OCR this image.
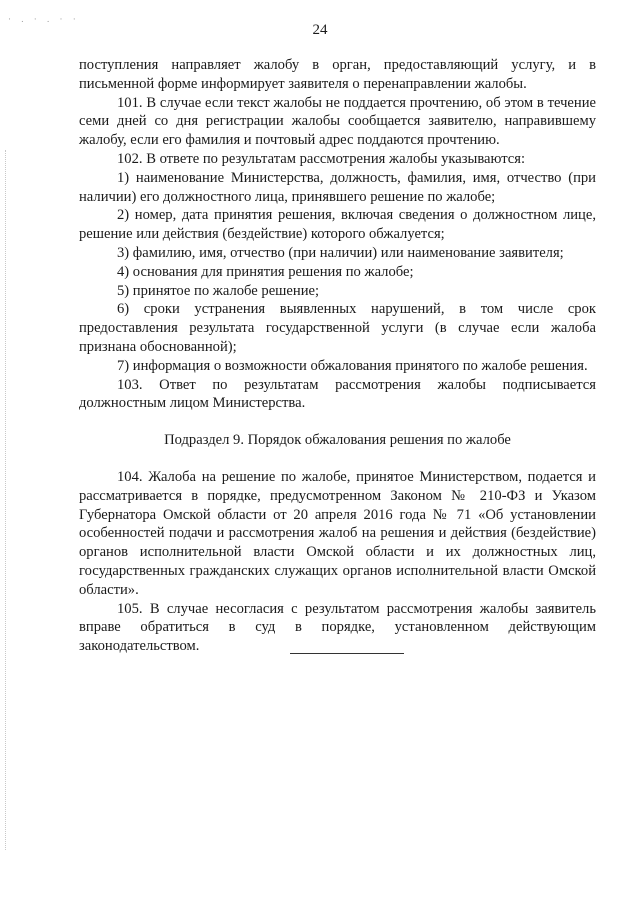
· . · . · ·
24

поступления направляет жалобу в орган, предоставляющий услугу, и в письменной форме информирует заявителя о перенаправлении жалобы.

101. В случае если текст жалобы не поддается прочтению, об этом в течение семи дней со дня регистрации жалобы сообщается заявителю, направившему жалобу, если его фамилия и почтовый адрес поддаются прочтению.

102. В ответе по результатам рассмотрения жалобы указываются:

1) наименование Министерства, должность, фамилия, имя, отчество (при наличии) его должностного лица, принявшего решение по жалобе;

2) номер, дата принятия решения, включая сведения о должностном лице, решение или действия (бездействие) которого обжалуется;

3) фамилию, имя, отчество (при наличии) или наименование заявителя;

4) основания для принятия решения по жалобе;

5) принятое по жалобе решение;

6) сроки устранения выявленных нарушений, в том числе срок предоставления результата государственной услуги (в случае если жалоба признана обоснованной);

7) информация о возможности обжалования принятого по жалобе решения.

103. Ответ по результатам рассмотрения жалобы подписывается должностным лицом Министерства.

Подраздел 9. Порядок обжалования решения по жалобе

104. Жалоба на решение по жалобе, принятое Министерством, подается и рассматривается в порядке, предусмотренном Законом № 210-ФЗ и Указом Губернатора Омской области от 20 апреля 2016 года № 71 «Об установлении особенностей подачи и рассмотрения жалоб на решения и действия (бездействие) органов исполнительной власти Омской области и их должностных лиц, государственных гражданских служащих органов исполнительной власти Омской области».

105. В случае несогласия с результатом рассмотрения жалобы заявитель вправе обратиться в суд в порядке, установленном действующим законодательством.
